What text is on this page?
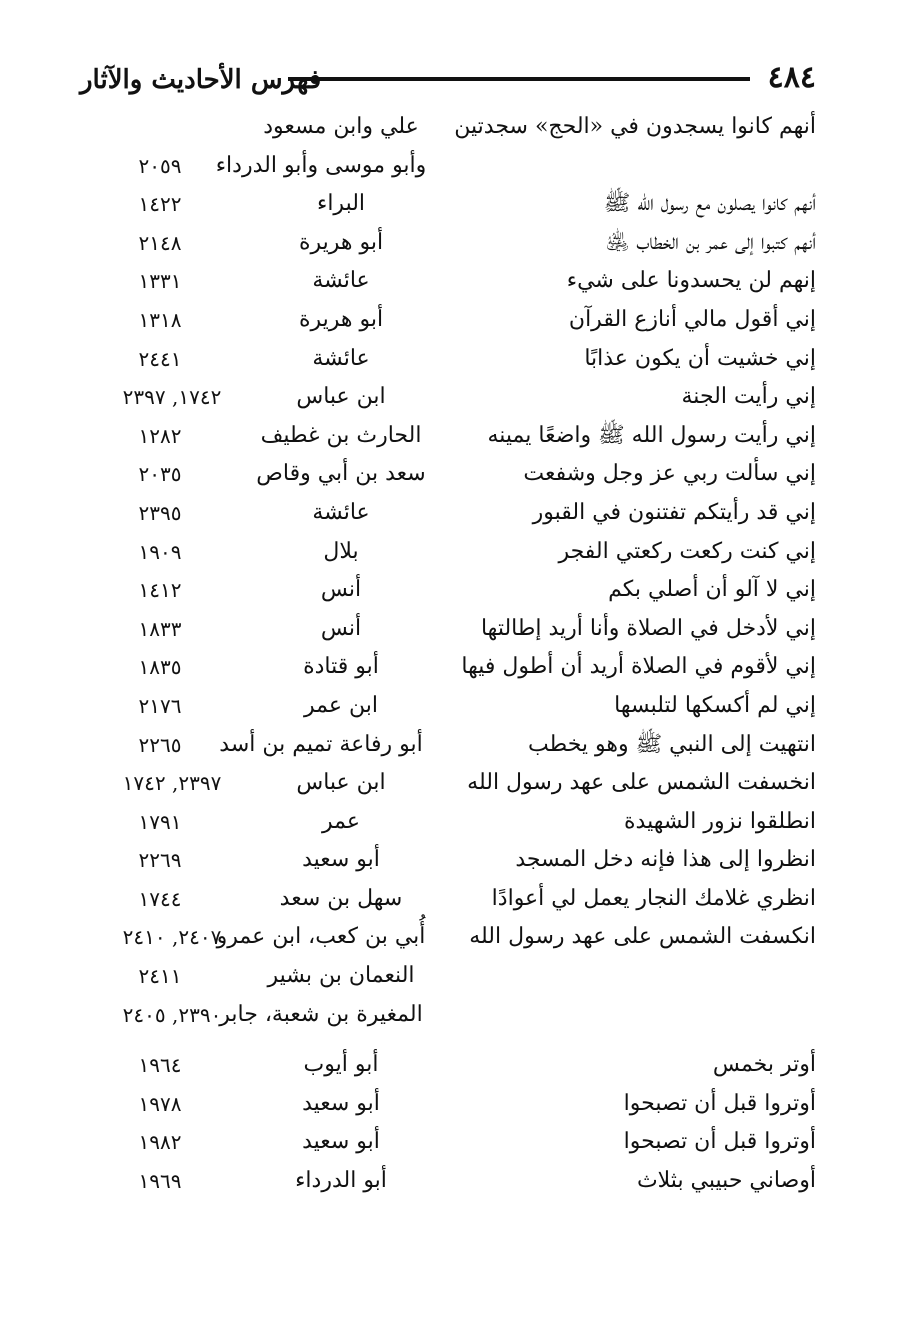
٤٨٤
فهرس الأحاديث والآثار
أنهم كانوا يسجدون في «الحج» سجدتين
علي وابن مسعود
وأبو موسى وأبو الدرداء
٢٠٥٩
أنهم كانوا يصلون مع رسول الله ﷺ
البراء
١٤٢٢
أنهم كتبوا إلى عمر بن الخطاب ﵁
أبو هريرة
٢١٤٨
إنهم لن يحسدونا على شيء
عائشة
١٣٣١
إني أقول مالي أنازع القرآن
أبو هريرة
١٣١٨
إني خشيت أن يكون عذابًا
عائشة
٢٤٤١
إني رأيت الجنة
ابن عباس
١٧٤٢, ٢٣٩٧
إني رأيت رسول الله ﷺ واضعًا يمينه
الحارث بن غطيف
١٢٨٢
إني سألت ربي عز وجل وشفعت
سعد بن أبي وقاص
٢٠٣٥
إني قد رأيتكم تفتنون في القبور
عائشة
٢٣٩٥
إني كنت ركعت ركعتي الفجر
بلال
١٩٠٩
إني لا آلو أن أصلي بكم
أنس
١٤١٢
إني لأدخل في الصلاة وأنا أريد إطالتها
أنس
١٨٣٣
إني لأقوم في الصلاة أريد أن أطول فيها
أبو قتادة
١٨٣٥
إني لم أكسكها لتلبسها
ابن عمر
٢١٧٦
انتهيت إلى النبي ﷺ وهو يخطب
أبو رفاعة تميم بن أسد
٢٢٦٥
انخسفت الشمس على عهد رسول الله
ابن عباس
٢٣٩٧, ١٧٤٢
انطلقوا نزور الشهيدة
عمر
١٧٩١
انظروا إلى هذا فإنه دخل المسجد
أبو سعيد
٢٢٦٩
انظري غلامك النجار يعمل لي أعوادًا
سهل بن سعد
١٧٤٤
انكسفت الشمس على عهد رسول الله
أُبي بن كعب، ابن عمرو
٢٤٠٧, ٢٤١٠
النعمان بن بشير
٢٤١١
المغيرة بن شعبة، جابر
٢٣٩٠, ٢٤٠٥
أوتر بخمس
أبو أيوب
١٩٦٤
أوتروا قبل أن تصبحوا
أبو سعيد
١٩٧٨
أوتروا قبل أن تصبحوا
أبو سعيد
١٩٨٢
أوصاني حبيبي بثلاث
أبو الدرداء
١٩٦٩
